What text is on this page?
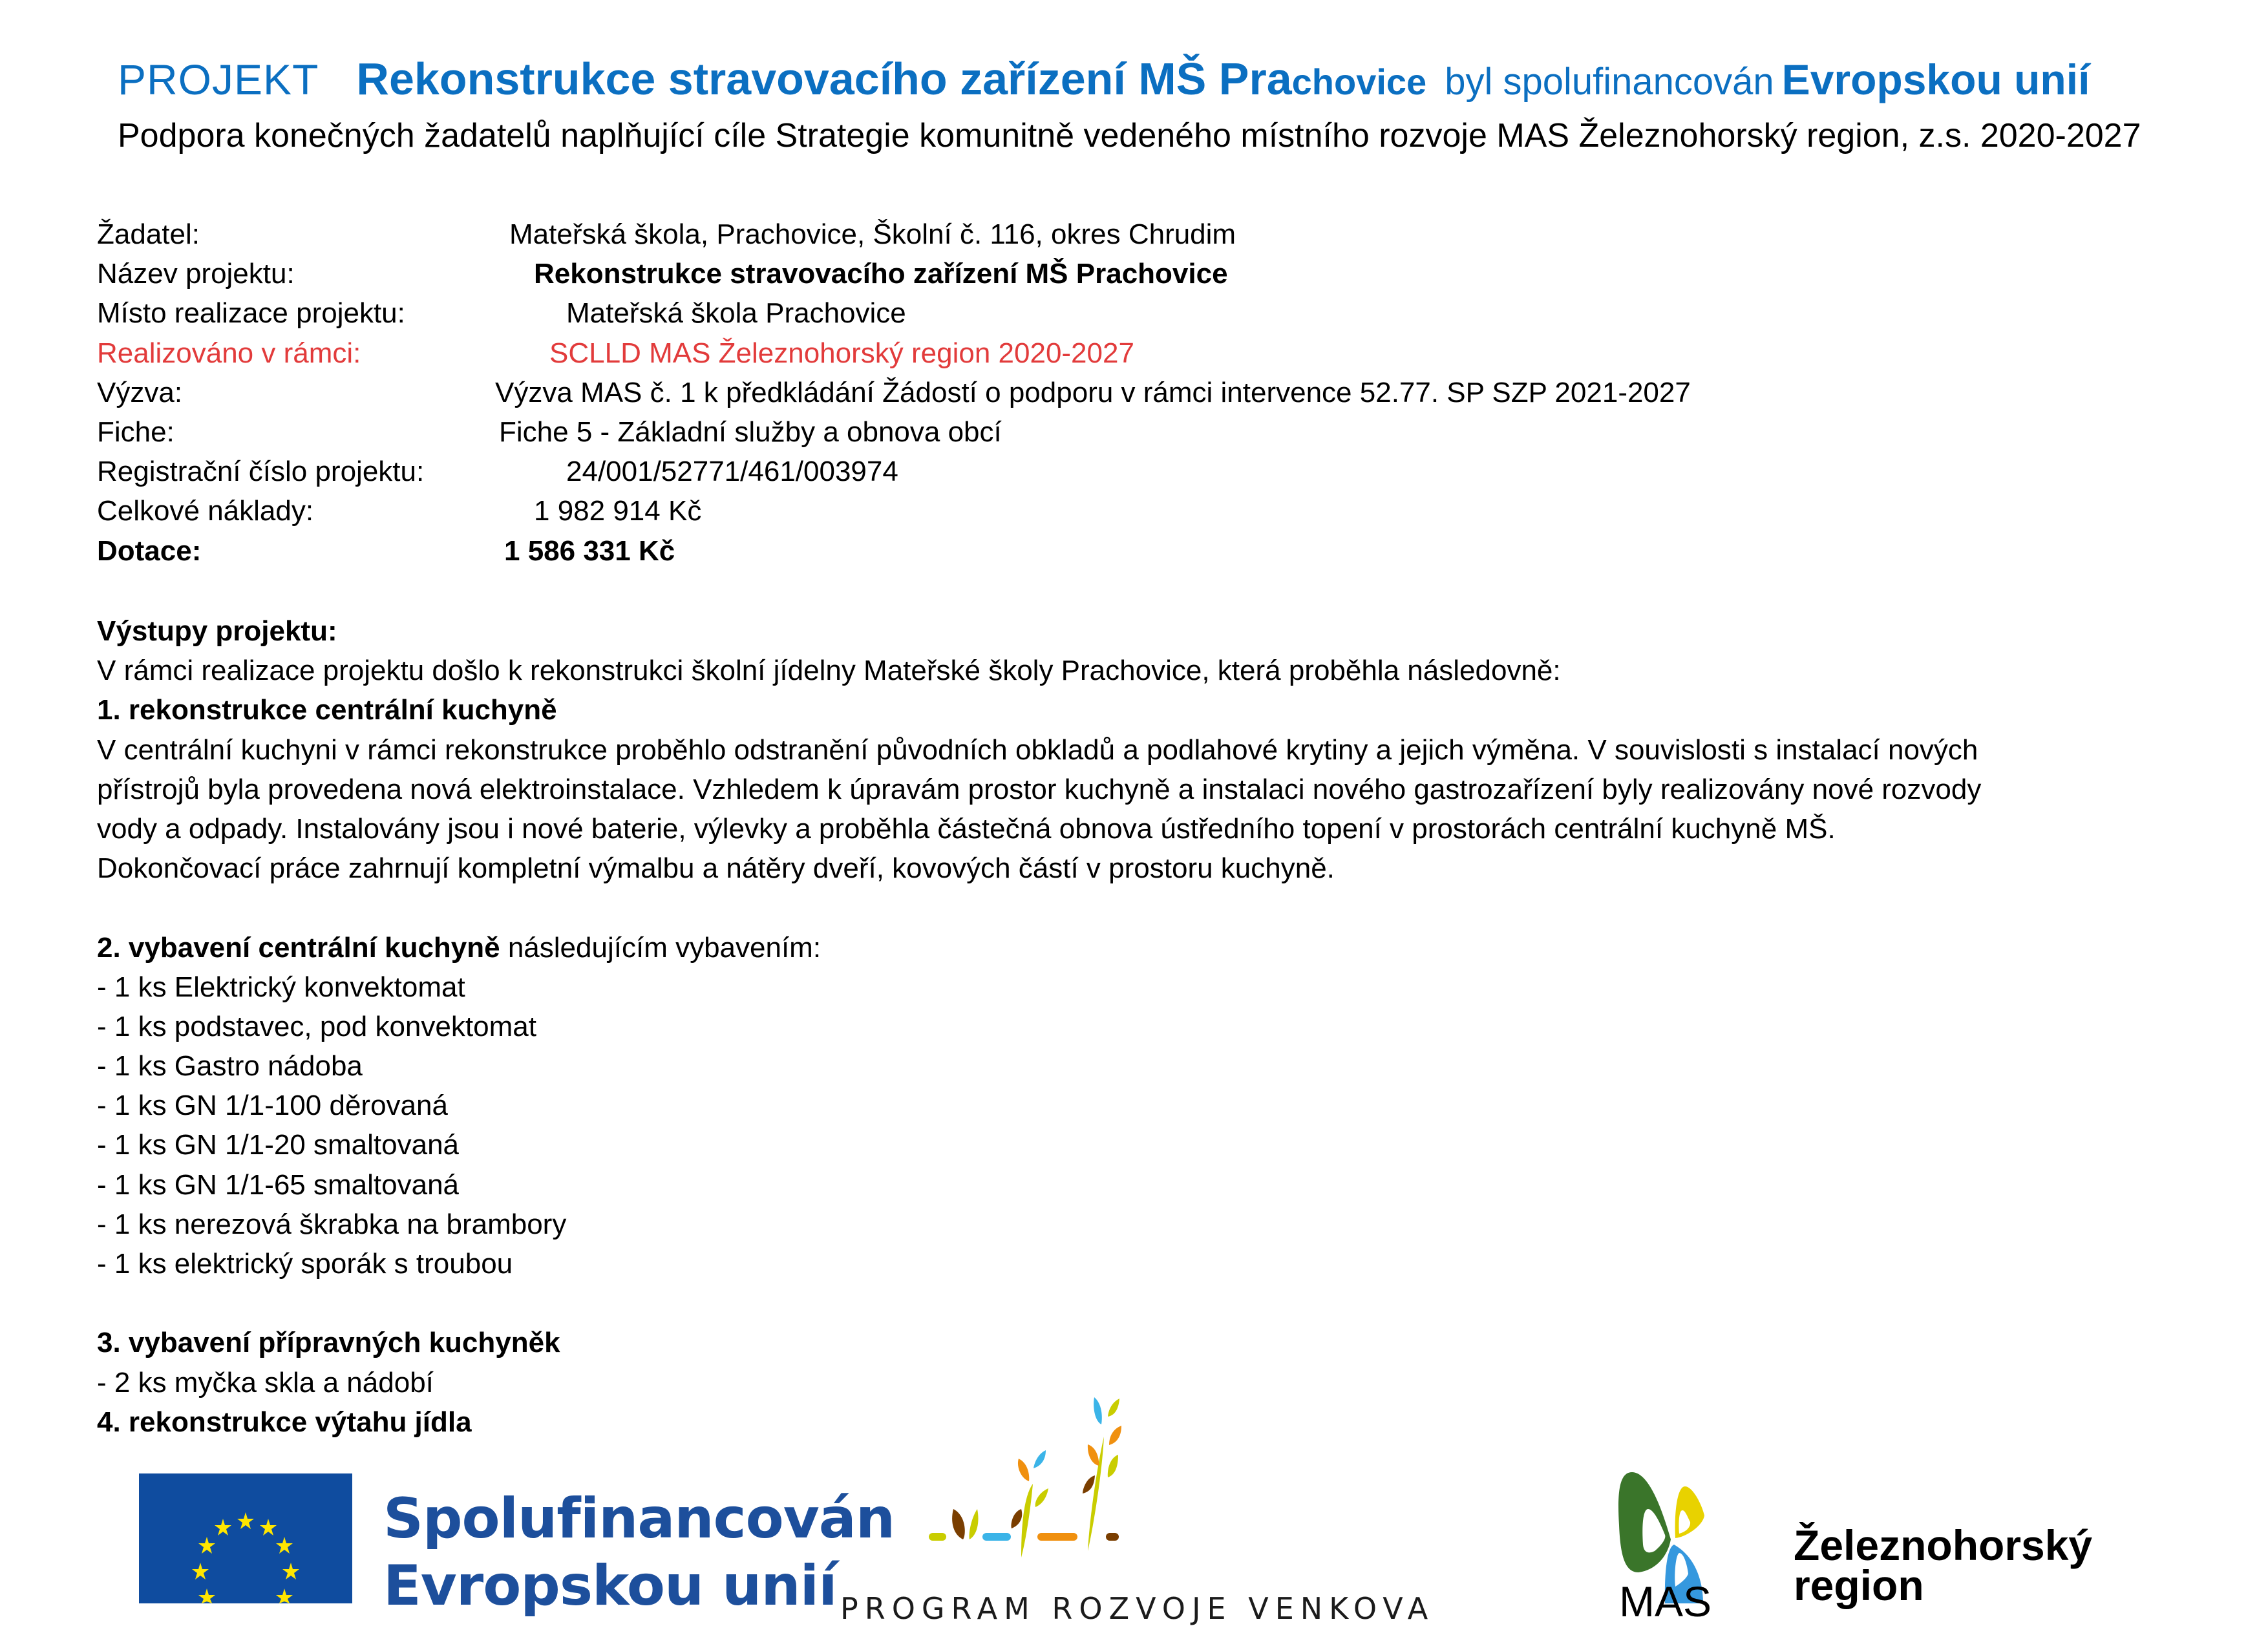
PROJEKT Rekonstrukce stravovacího zařízení MŠ Prachovice byl spolufinancován Evropskou unií
Podpora konečných žadatelů naplňující cíle Strategie komunitně vedeného místního rozvoje MAS Železnohorský region, z.s. 2020-2027
Žadatel:	Mateřská škola, Prachovice, Školní č. 116, okres Chrudim
Název projektu:	Rekonstrukce stravovacího zařízení MŠ Prachovice
Místo realizace projektu:	Mateřská škola Prachovice
Realizováno v rámci:	SCLLD MAS Železnohorský region 2020-2027
Výzva:	Výzva MAS č. 1 k předkládání Žádostí o podporu v rámci intervence 52.77. SP SZP 2021-2027
Fiche:	Fiche 5 - Základní služby a obnova obcí
Registrační číslo projektu:	24/001/52771/461/003974
Celkové náklady:	1 982 914 Kč
Dotace:	1 586 331 Kč
Výstupy projektu:
V rámci realizace projektu došlo k rekonstrukci školní jídelny Mateřské školy Prachovice, která proběhla následovně:
1. rekonstrukce centrální kuchyně
V centrální kuchyni v rámci rekonstrukce proběhlo odstranění původních obkladů a podlahové krytiny a jejich výměna. V souvislosti s instalací nových
přístrojů byla provedena nová elektroinstalace. Vzhledem k úpravám prostor kuchyně a instalaci nového gastrozařízení byly realizovány nové rozvody
vody a odpady. Instalovány jsou i nové baterie, výlevky a proběhla částečná obnova ústředního topení v prostorách centrální kuchyně MŠ.
Dokončovací práce zahrnují kompletní výmalbu a nátěry dveří, kovových částí v prostoru kuchyně.
2. vybavení centrální kuchyně následujícím vybavením:
- 1 ks Elektrický konvektomat
- 1 ks podstavec, pod konvektomat
- 1 ks Gastro nádoba
- 1 ks GN 1/1-100 děrovaná
- 1 ks GN 1/1-20 smaltovaná
- 1 ks GN 1/1-65 smaltovaná
- 1 ks nerezová škrabka na brambory
- 1 ks elektrický sporák s troubou
3. vybavení přípravných kuchyněk
- 2 ks myčka skla a nádobí
4. rekonstrukce výtahu jídla
Spolufinancován
Evropskou unií PROGRAM ROZVOJE VENKOVA
Železnohorský
region
MAS
